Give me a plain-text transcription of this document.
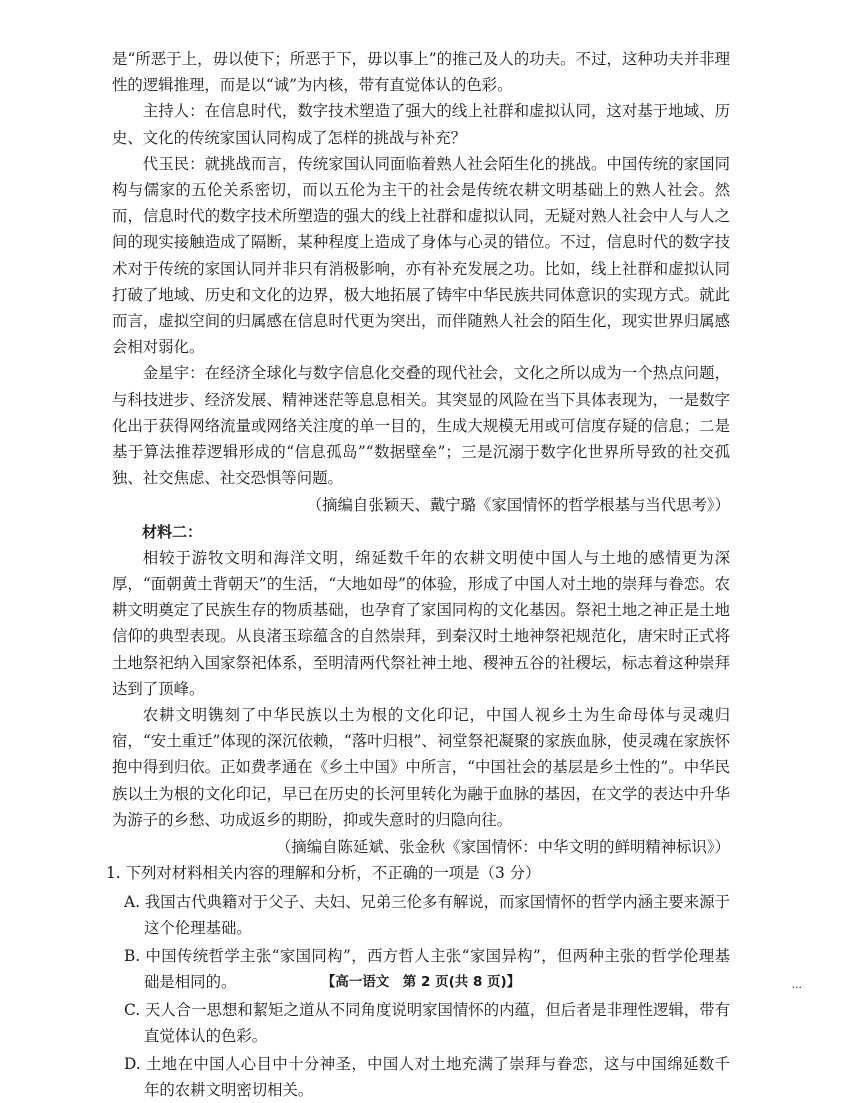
是“所恶于上，毋以使下；所恶于下，毋以事上”的推己及人的功夫。不过，这种功夫并非理性的逻辑推理，而是以“诚”为内核，带有直觉体认的色彩。

主持人：在信息时代，数字技术塑造了强大的线上社群和虚拟认同，这对基于地域、历史、文化的传统家国认同构成了怎样的挑战与补充？

代玉民：就挑战而言，传统家国认同面临着熟人社会陌生化的挑战。中国传统的家国同构与儒家的五伦关系密切，而以五伦为主干的社会是传统农耕文明基础上的熟人社会。然而，信息时代的数字技术所塑造的强大的线上社群和虚拟认同，无疑对熟人社会中人与人之间的现实接触造成了隔断，某种程度上造成了身体与心灵的错位。不过，信息时代的数字技术对于传统的家国认同并非只有消极影响，亦有补充发展之功。比如，线上社群和虚拟认同打破了地域、历史和文化的边界，极大地拓展了铸牢中华民族共同体意识的实现方式。就此而言，虚拟空间的归属感在信息时代更为突出，而伴随熟人社会的陌生化，现实世界归属感会相对弱化。

金星宇：在经济全球化与数字信息化交叠的现代社会，文化之所以成为一个热点问题，与科技进步、经济发展、精神迷茫等息息相关。其突显的风险在当下具体表现为，一是数字化出于获得网络流量或网络关注度的单一目的，生成大规模无用或可信度存疑的信息；二是基于算法推荐逻辑形成的“信息孤岛”“数据壁垒”；三是沉溺于数字化世界所导致的社交孤独、社交焦虑、社交恐惧等问题。

（摘编自张颖天、戴宁璐《家国情怀的哲学根基与当代思考》）

材料二：

相较于游牧文明和海洋文明，绵延数千年的农耕文明使中国人与土地的感情更为深厚，“面朝黄土背朝天”的生活，“大地如母”的体验，形成了中国人对土地的崇拜与眷恋。农耕文明奠定了民族生存的物质基础，也孕育了家国同构的文化基因。祭祀土地之神正是土地信仰的典型表现。从良渚玉琮蕴含的自然崇拜，到秦汉时土地神祭祀规范化，唐宋时正式将土地祭祀纳入国家祭祀体系，至明清两代祭社神土地、稷神五谷的社稷坛，标志着这种崇拜达到了顶峰。

农耕文明镌刻了中华民族以土为根的文化印记，中国人视乡土为生命母体与灵魂归宿，“安土重迁”体现的深沉依赖，“落叶归根”、祠堂祭祀凝聚的家族血脉，使灵魂在家族怀抱中得到归依。正如费孝通在《乡土中国》中所言，“中国社会的基层是乡土性的”。中华民族以土为根的文化印记，早已在历史的长河里转化为融于血脉的基因，在文学的表达中升华为游子的乡愁、功成返乡的期盼，抑或失意时的归隐向往。

（摘编自陈延斌、张金秋《家国情怀：中华文明的鲜明精神标识》）

1. 下列对材料相关内容的理解和分析，不正确的一项是（3 分）

A. 我国古代典籍对于父子、夫妇、兄弟三伦多有解说，而家国情怀的哲学内涵主要来源于这个伦理基础。

B. 中国传统哲学主张“家国同构”，西方哲人主张“家国异构”，但两种主张的哲学伦理基础是相同的。

C. 天人合一思想和絜矩之道从不同角度说明家国情怀的内蕴，但后者是非理性逻辑，带有直觉体认的色彩。

D. 土地在中国人心目中十分神圣，中国人对土地充满了崇拜与眷恋，这与中国绵延数千年的农耕文明密切相关。

【高一语文　第 2 页(共 8 页)】	...
